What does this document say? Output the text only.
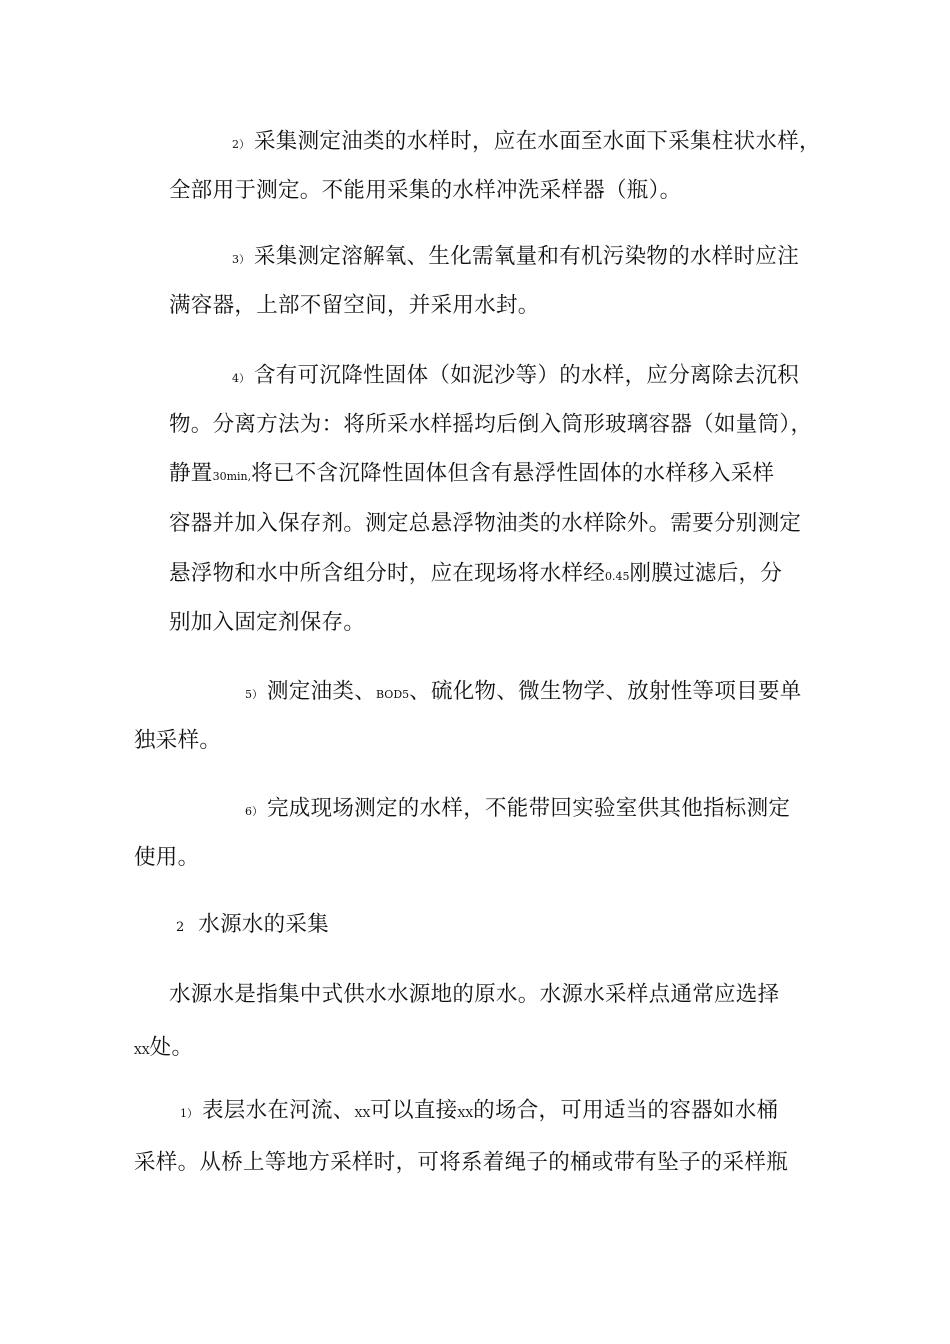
2） 采集测定油类的水样时，应在水面至水面下采集柱状水样，
全部用于测定。不能用采集的水样冲洗采样器（瓶）。
3） 采集测定溶解氧、生化需氧量和有机污染物的水样时应注
满容器，上部不留空间，并采用水封。
4） 含有可沉降性固体（如泥沙等）的水样，应分离除去沉积
物。分离方法为：将所采水样摇均后倒入筒形玻璃容器（如量筒），
静置30min,将已不含沉降性固体但含有悬浮性固体的水样移入采样
容器并加入保存剂。测定总悬浮物油类的水样除外。需要分别测定
悬浮物和水中所含组分时，应在现场将水样经0.45刚膜过滤后，分
别加入固定剂保存。
5） 测定油类、BOD5、硫化物、微生物学、放射性等项目要单
独采样。
6） 完成现场测定的水样，不能带回实验室供其他指标测定
使用。
2 水源水的采集
水源水是指集中式供水水源地的原水。水源水采样点通常应选择
XX处。
1） 表层水在河流、XX可以直接XX的场合，可用适当的容器如水桶
采样。从桥上等地方采样时，可将系着绳子的桶或带有坠子的采样瓶
